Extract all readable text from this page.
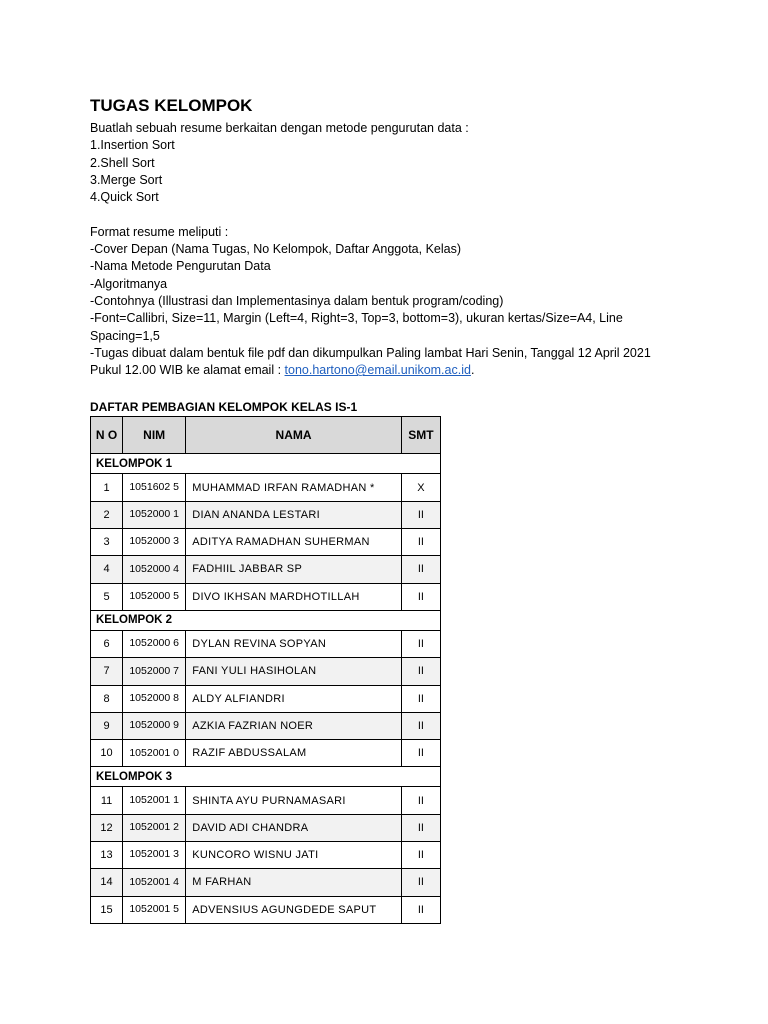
TUGAS KELOMPOK
Buatlah sebuah resume berkaitan dengan metode pengurutan data :
1.Insertion Sort
2.Shell Sort
3.Merge Sort
4.Quick Sort
Format resume meliputi :
-Cover Depan (Nama Tugas, No Kelompok, Daftar Anggota, Kelas)
-Nama Metode Pengurutan Data
-Algoritmanya
-Contohnya (Illustrasi dan Implementasinya dalam bentuk program/coding)
-Font=Callibri, Size=11, Margin (Left=4, Right=3, Top=3, bottom=3), ukuran kertas/Size=A4, Line
Spacing=1,5
-Tugas dibuat dalam bentuk file pdf dan dikumpulkan Paling lambat Hari Senin, Tanggal 12 April 2021
Pukul 12.00 WIB ke alamat email : tono.hartono@email.unikom.ac.id.
DAFTAR PEMBAGIAN KELOMPOK KELAS IS-1
N O	NIM	NAMA	SMT
KELOMPOK 1			
1	1051602 5	MUHAMMAD IRFAN RAMADHAN *	X
2	1052000 1	DIAN ANANDA LESTARI	II
3	1052000 3	ADITYA RAMADHAN SUHERMAN	II
4	1052000 4	FADHIIL JABBAR SP	II
5	1052000 5	DIVO IKHSAN MARDHOTILLAH	II
KELOMPOK 2			
6	1052000 6	DYLAN REVINA SOPYAN	II
7	1052000 7	FANI YULI HASIHOLAN	II
8	1052000 8	ALDY ALFIANDRI	II
9	1052000 9	AZKIA FAZRIAN NOER	II
10	1052001 0	RAZIF ABDUSSALAM	II
KELOMPOK 3			
11	1052001 1	SHINTA AYU PURNAMASARI	II
12	1052001 2	DAVID ADI CHANDRA	II
13	1052001 3	KUNCORO WISNU JATI	II
14	1052001 4	M FARHAN	II
15	1052001 5	ADVENSIUS AGUNGDEDE SAPUT	II
